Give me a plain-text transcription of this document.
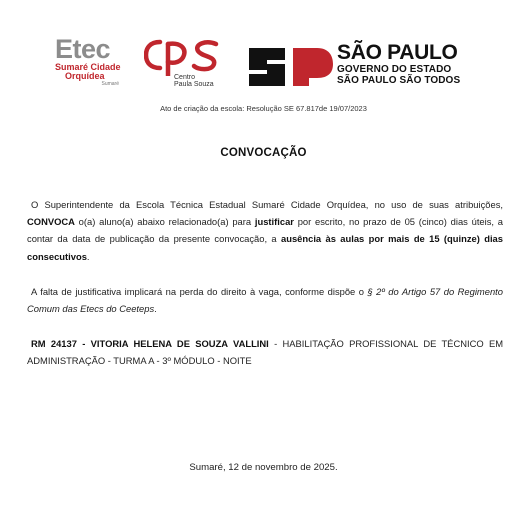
Etec
Sumaré Cidade
Orquídea
Sumaré
Centro
Paula Souza
SÃO PAULO
GOVERNO DO ESTADO
SÃO PAULO SÃO TODOS
Ato de criação da escola: Resolução SE 67.817de 19/07/2023
CONVOCAÇÃO
O Superintendente da Escola Técnica Estadual Sumaré Cidade Orquídea, no uso de suas atribuições, CONVOCA o(a) aluno(a) abaixo relacionado(a) para justificar por escrito, no prazo de 05 (cinco) dias úteis, a contar da data de publicação da presente convocação, a ausência às aulas por mais de 15 (quinze) dias consecutivos.
A falta de justificativa implicará na perda do direito à vaga, conforme dispõe o § 2º do Artigo 57 do Regimento Comum das Etecs do Ceeteps.
RM 24137 - VITORIA HELENA DE SOUZA VALLINI - HABILITAÇÃO PROFISSIONAL DE TÉCNICO EM ADMINISTRAÇÃO - TURMA A - 3º MÓDULO - NOITE
Sumaré, 12 de novembro de 2025.
